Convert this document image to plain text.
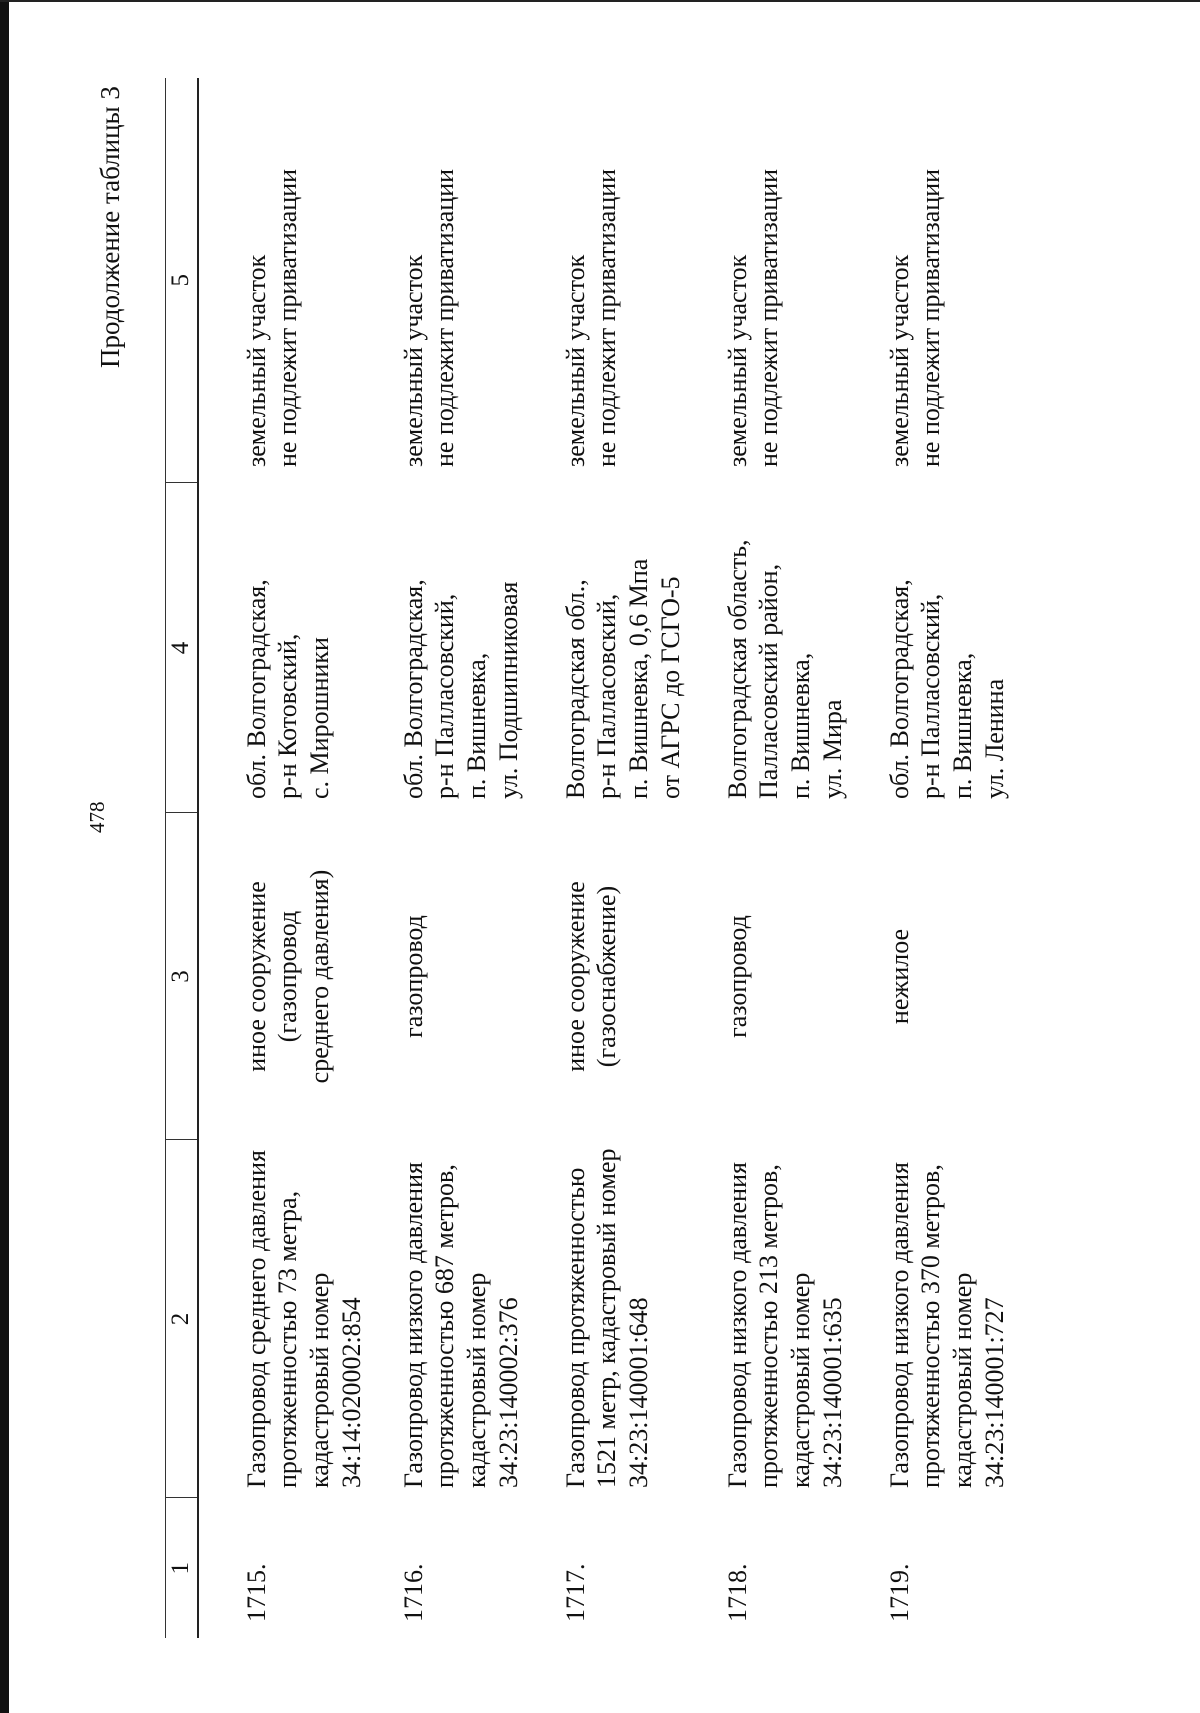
478
Продолжение таблицы 3
1	2	3	4	5
1715.	Газопровод среднего давления протяженностью 73 метра, кадастровый номер 34:14:020002:854	иное сооружение (газопровод среднего давления)	обл. Волгоградская, р-н Котовский, с. Мирошники	земельный участок не подлежит приватизации

1716.	Газопровод низкого давления протяженностью 687 метров, кадастровый номер 34:23:140002:376	газопровод	обл. Волгоградская, р-н Палласовский, п. Вишневка, ул. Подшипниковая	земельный участок не подлежит приватизации

1717.	Газопровод протяженностью 1521 метр, кадастровый номер 34:23:140001:648	иное сооружение (газоснабжение)	Волгоградская обл., р-н Палласовский, п. Вишневка, 0,6 Мпа от АГРС до ГСГО-5	земельный участок не подлежит приватизации

1718.	Газопровод низкого давления протяженностью 213 метров, кадастровый номер 34:23:140001:635	газопровод	Волгоградская область, Палласовский район, п. Вишневка, ул. Мира	земельный участок не подлежит приватизации

1719.	Газопровод низкого давления протяженностью 370 метров, кадастровый номер 34:23:140001:727	нежилое	обл. Волгоградская, р-н Палласовский, п. Вишневка, ул. Ленина	земельный участок не подлежит приватизации
